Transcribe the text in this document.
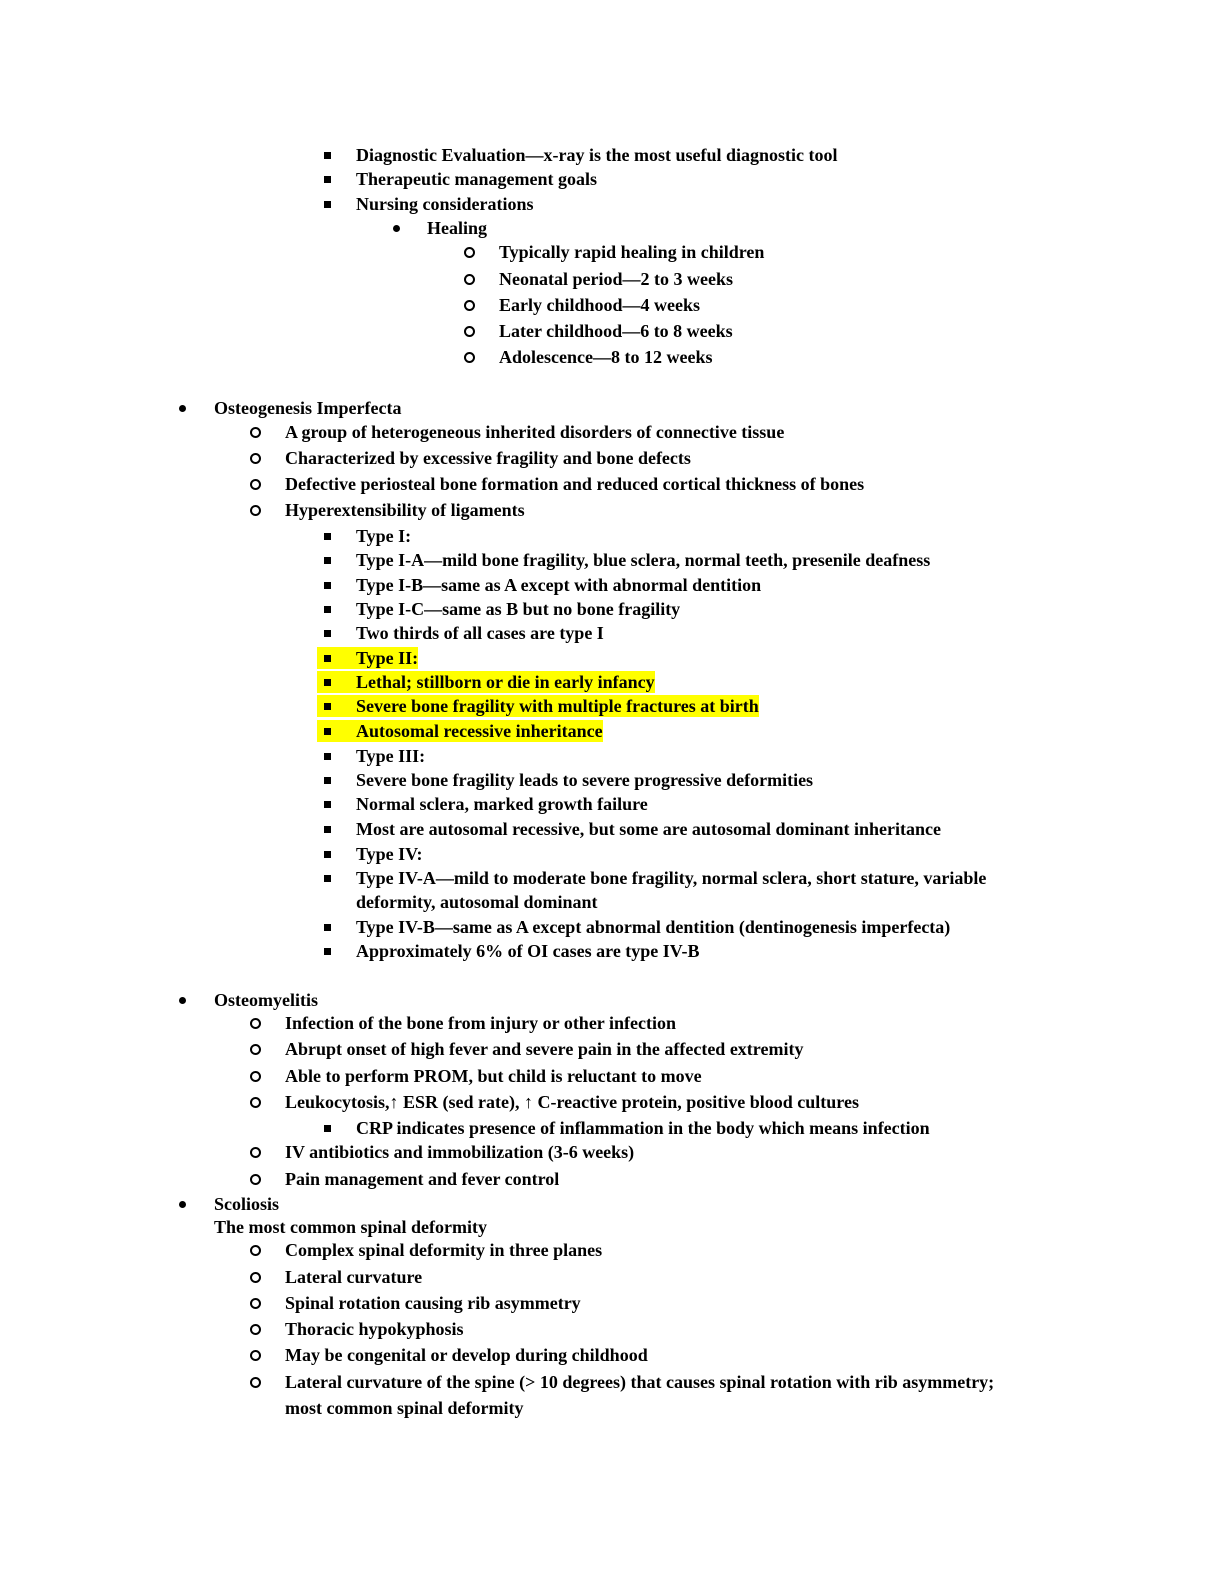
Diagnostic Evaluation—x-ray is the most useful diagnostic tool
Therapeutic management goals
Nursing considerations
Healing
Typically rapid healing in children
Neonatal period—2 to 3 weeks
Early childhood—4 weeks
Later childhood—6 to 8 weeks
Adolescence—8 to 12 weeks
Osteogenesis Imperfecta
A group of heterogeneous inherited disorders of connective tissue
Characterized by excessive fragility and bone defects
Defective periosteal bone formation and reduced cortical thickness of bones
Hyperextensibility of ligaments
Type I:
Type I-A—mild bone fragility, blue sclera, normal teeth, presenile deafness
Type I-B—same as A except with abnormal dentition
Type I-C—same as B but no bone fragility
Two thirds of all cases are type I
Type II:
Lethal; stillborn or die in early infancy
Severe bone fragility with multiple fractures at birth
Autosomal recessive inheritance
Type III:
Severe bone fragility leads to severe progressive deformities
Normal sclera, marked growth failure
Most are autosomal recessive, but some are autosomal dominant inheritance
Type IV:
Type IV-A—mild to moderate bone fragility, normal sclera, short stature, variable
deformity, autosomal dominant
Type IV-B—same as A except abnormal dentition (dentinogenesis imperfecta)
Approximately 6% of OI cases are type IV-B
Osteomyelitis
Infection of the bone from injury or other infection
Abrupt onset of high fever and severe pain in the affected extremity
Able to perform PROM, but child is reluctant to move
Leukocytosis,↑ ESR (sed rate), ↑ C-reactive protein, positive blood cultures
CRP indicates presence of inflammation in the body which means infection
IV antibiotics and immobilization (3-6 weeks)
Pain management and fever control
Scoliosis
The most common spinal deformity
Complex spinal deformity in three planes
Lateral curvature
Spinal rotation causing rib asymmetry
Thoracic hypokyphosis
May be congenital or develop during childhood
Lateral curvature of the spine (> 10 degrees) that causes spinal rotation with rib asymmetry;
most common spinal deformity
